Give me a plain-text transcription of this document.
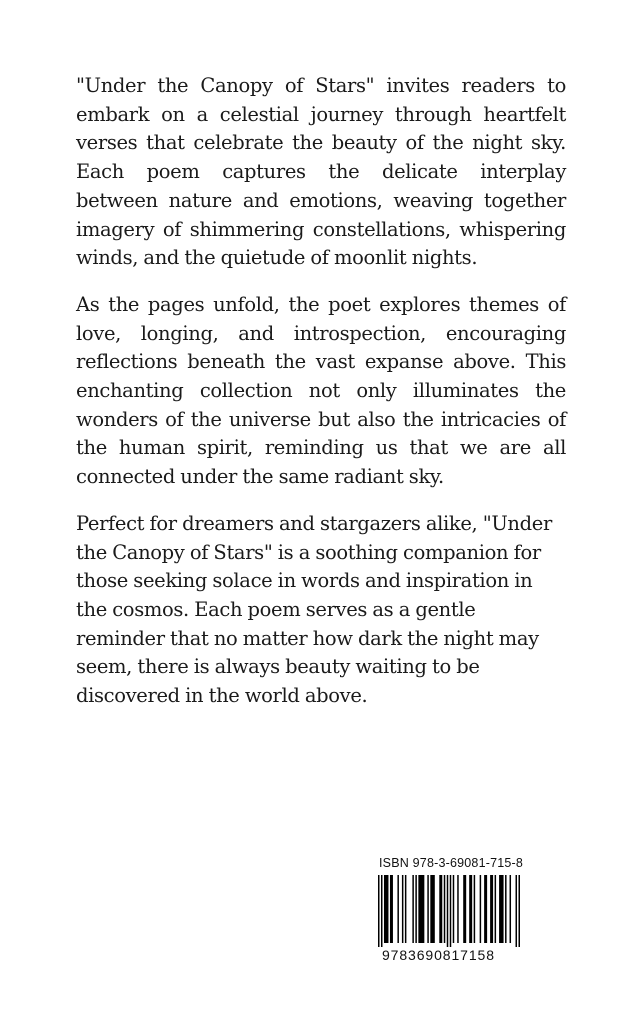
"Under the Canopy of Stars" invites readers to embark on a celestial journey through heartfelt verses that celebrate the beauty of the night sky. Each poem captures the delicate interplay between nature and emotions, weaving together imagery of shimmering constellations, whispering winds, and the quietude of moonlit nights.

As the pages unfold, the poet explores themes of love, longing, and introspection, encouraging reflections beneath the vast expanse above. This enchanting collection not only illuminates the wonders of the universe but also the intricacies of the human spirit, reminding us that we are all connected under the same radiant sky.

Perfect for dreamers and stargazers alike, "Under the Canopy of Stars" is a soothing companion for those seeking solace in words and inspiration in the cosmos. Each poem serves as a gentle reminder that no matter how dark the night may seem, there is always beauty waiting to be discovered in the world above.

ISBN 978-3-69081-715-8
9783690817158
